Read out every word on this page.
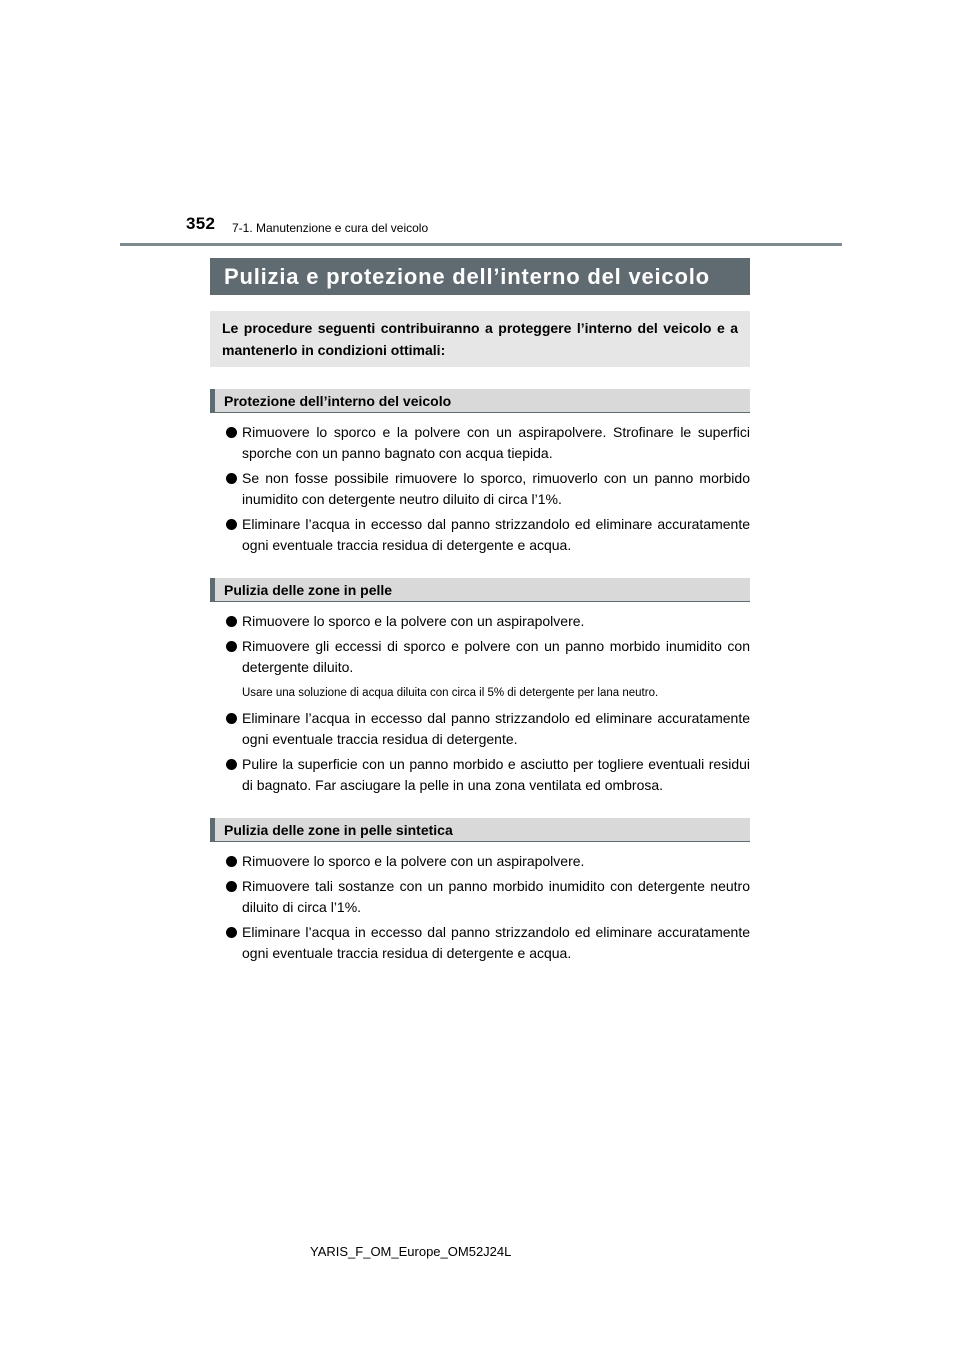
352 7-1. Manutenzione e cura del veicolo
Pulizia e protezione dell’interno del veicolo
Le procedure seguenti contribuiranno a proteggere l’interno del veicolo e a mantenerlo in condizioni ottimali:
Protezione dell’interno del veicolo
Rimuovere lo sporco e la polvere con un aspirapolvere. Strofinare le superfici sporche con un panno bagnato con acqua tiepida.
Se non fosse possibile rimuovere lo sporco, rimuoverlo con un panno morbido inumidito con detergente neutro diluito di circa l’1%.
Eliminare l’acqua in eccesso dal panno strizzandolo ed eliminare accuratamente ogni eventuale traccia residua di detergente e acqua.
Pulizia delle zone in pelle
Rimuovere lo sporco e la polvere con un aspirapolvere.
Rimuovere gli eccessi di sporco e polvere con un panno morbido inumidito con detergente diluito.
Usare una soluzione di acqua diluita con circa il 5% di detergente per lana neutro.
Eliminare l’acqua in eccesso dal panno strizzandolo ed eliminare accuratamente ogni eventuale traccia residua di detergente.
Pulire la superficie con un panno morbido e asciutto per togliere eventuali residui di bagnato. Far asciugare la pelle in una zona ventilata ed ombrosa.
Pulizia delle zone in pelle sintetica
Rimuovere lo sporco e la polvere con un aspirapolvere.
Rimuovere tali sostanze con un panno morbido inumidito con detergente neutro diluito di circa l’1%.
Eliminare l’acqua in eccesso dal panno strizzandolo ed eliminare accuratamente ogni eventuale traccia residua di detergente e acqua.
YARIS_F_OM_Europe_OM52J24L
